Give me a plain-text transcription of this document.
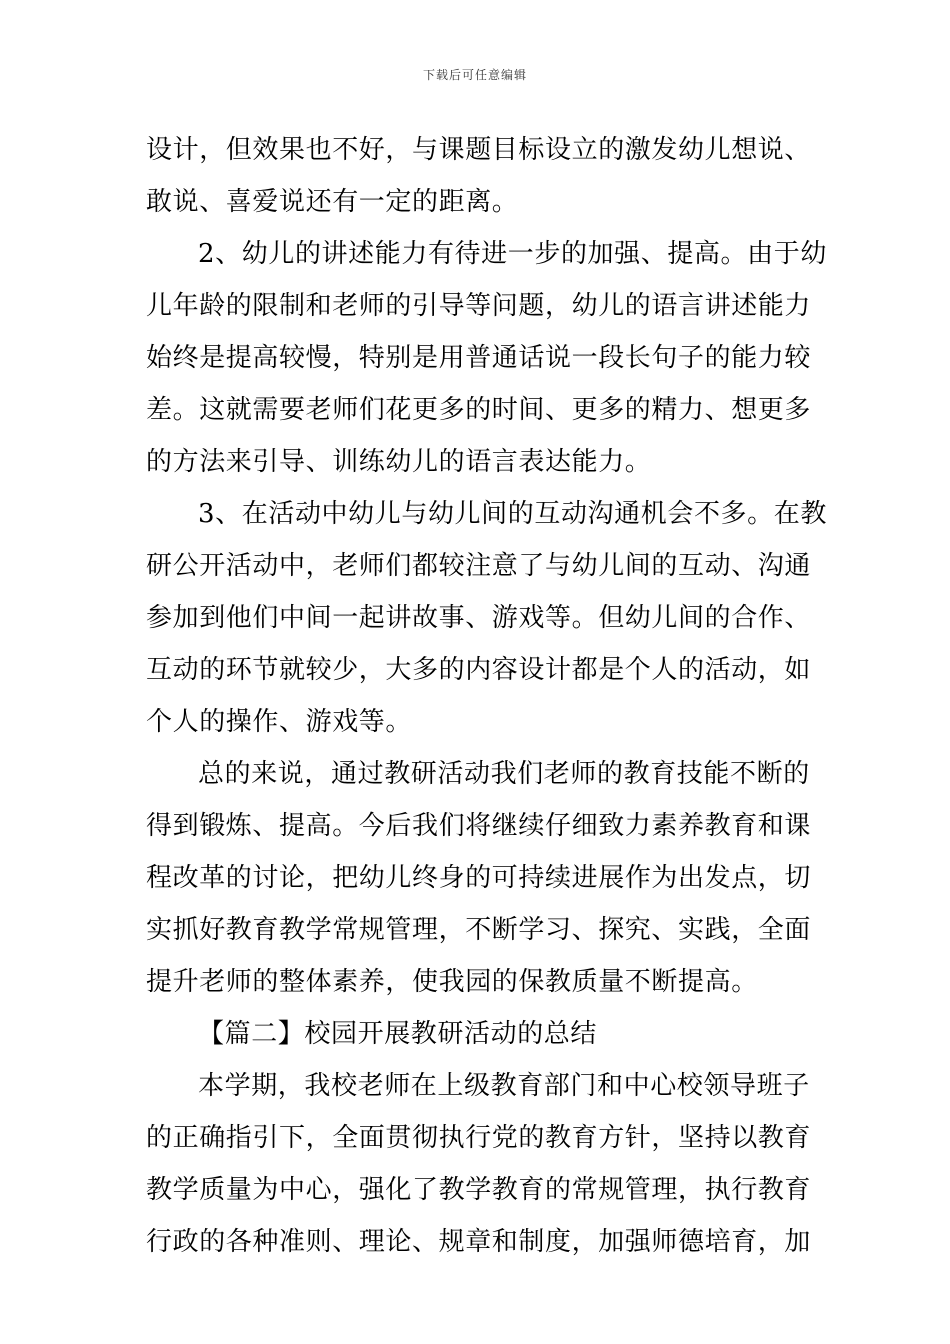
下载后可任意编辑
设计，但效果也不好，与课题目标设立的激发幼儿想说、
敢说、喜爱说还有一定的距离。
2、幼儿的讲述能力有待进一步的加强、提高。由于幼
儿年龄的限制和老师的引导等问题，幼儿的语言讲述能力
始终是提高较慢，特别是用普通话说一段长句子的能力较
差。这就需要老师们花更多的时间、更多的精力、想更多
的方法来引导、训练幼儿的语言表达能力。
3、在活动中幼儿与幼儿间的互动沟通机会不多。在教
研公开活动中，老师们都较注意了与幼儿间的互动、沟通
参加到他们中间一起讲故事、游戏等。但幼儿间的合作、
互动的环节就较少，大多的内容设计都是个人的活动，如
个人的操作、游戏等。
总的来说，通过教研活动我们老师的教育技能不断的
得到锻炼、提高。今后我们将继续仔细致力素养教育和课
程改革的讨论，把幼儿终身的可持续进展作为出发点，切
实抓好教育教学常规管理，不断学习、探究、实践，全面
提升老师的整体素养，使我园的保教质量不断提高。
【篇二】校园开展教研活动的总结
本学期，我校老师在上级教育部门和中心校领导班子
的正确指引下，全面贯彻执行党的教育方针，坚持以教育
教学质量为中心，强化了教学教育的常规管理，执行教育
行政的各种准则、理论、规章和制度，加强师德培育，加
